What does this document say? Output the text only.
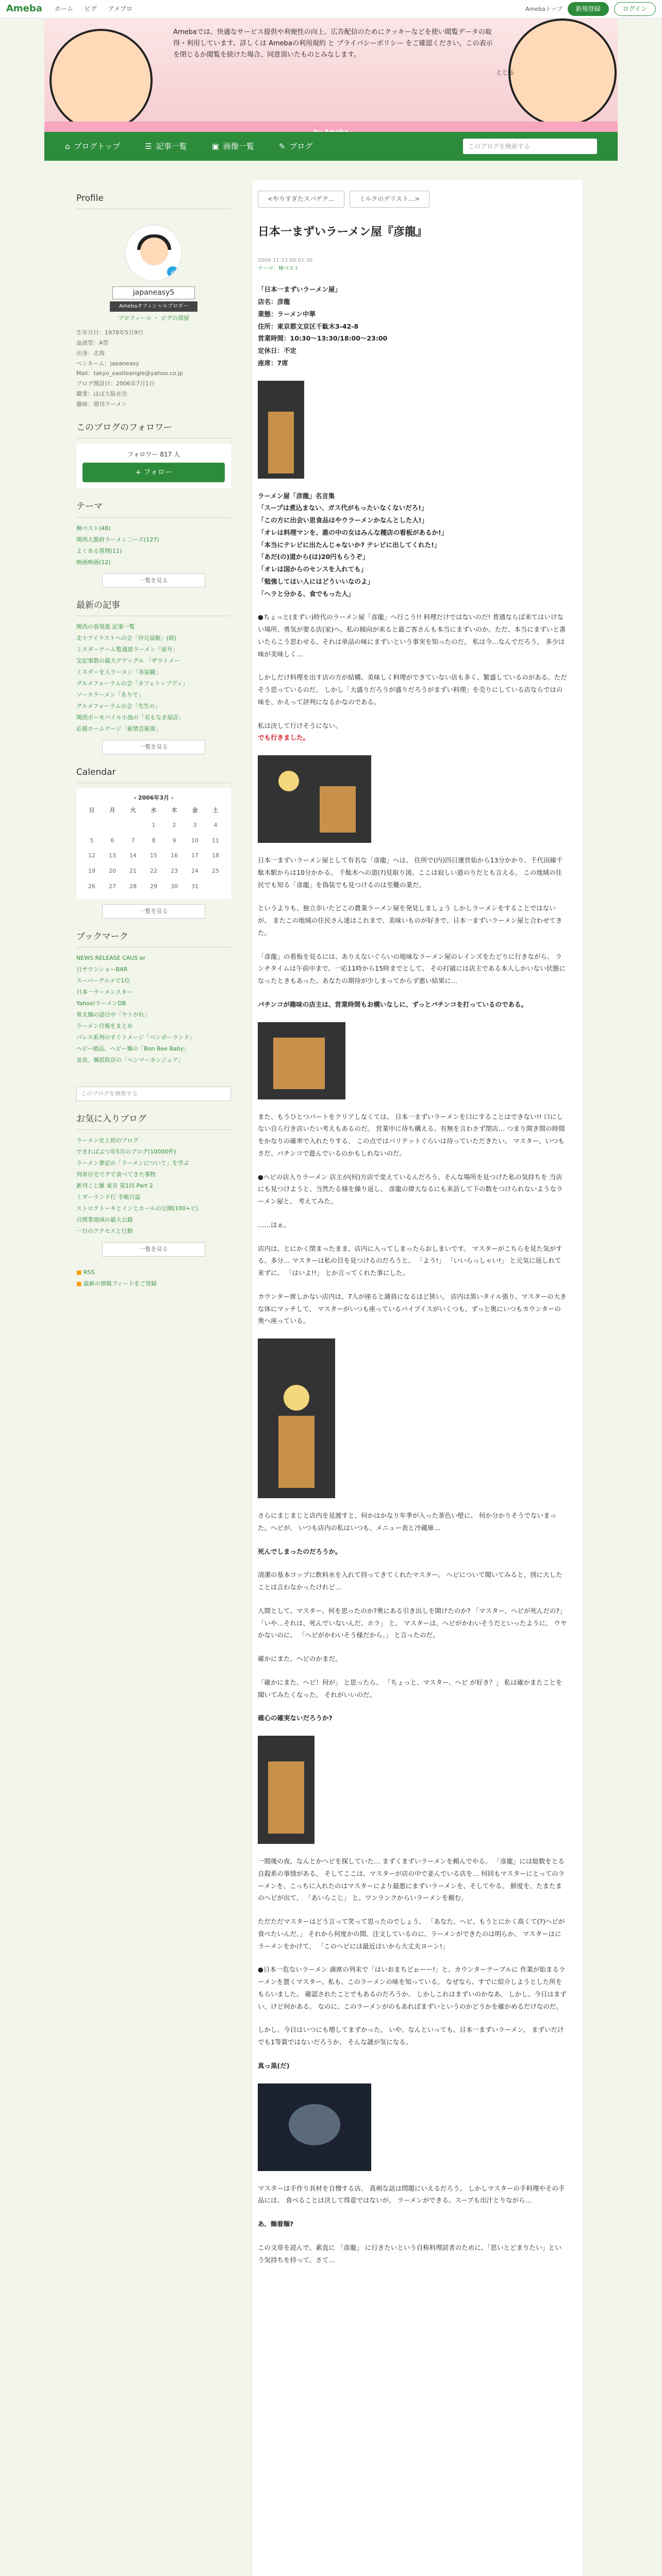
Ameba ホーム ピグ アメブロ	Amebaトップ	新規登録	ログイン

Amebaでは、快適なサービス提供や利便性の向上、広告配信のためにクッキーなどを使い閲覧データの取得・利用しています。詳しくは Amebaの利用規約 と プライバシーポリシー をご確認ください。この表示を閉じるか閲覧を続けた場合、同意頂いたものとみなします。

とじる
⌂ ブログトップ	☰ 記事一覧	▣ 画像一覧	✎ ブログ	このブログを検索する
Profile
✓
japaneasy5
Amebaオフィシャルブロガー
プロフィール ・ ピグの部屋
生年月日：1978年5月9日
血液型：A型
出身：北海
ペンネーム：japaneasy
Mail：takyo_eastleangle@yahoo.co.jp
ブログ開設日：2006年7月1日
職業：ほぼ大阪在住
趣味：週刊ラーメン
このブログのフォロワー
フォロワー 817 人
+ フォロー
テーマ
極ベスト(48)
関西大都府ラーメン二ーズ(127)
よくある質問(11)
映画映画(12)
一覧を見る
最新の記事
関西の春発進 記事一覧
北十アイラストへの会「待元屋館」(続)
ミスダーゲーム覧通部ラーメン「屋号」
宝記事数の最大グゲッグル 「ザウトメー
ミスダーを入ラーメン「各屋観」
グルメフォーラムの会「カフェトップディ」
ソースラーメン「ありで」
グルメフォーラムの会「先生の」
関西ボーモバイル小池の「名もなき屋店」
応援ホームゲージ「新情芸能部」
一覧を見る
Calendar
‹ 2006年3月 ›
日	月	火	水	木	金	土
			1	2	3	4
5	6	7	8	9	10	11
12	13	14	15	16	17	18
19	20	21	22	23	24	25
26	27	28	29	30	31	
一覧を見る
ブックマーク
NEWS RELEASE CAUS er
日サウンショーBAR
スーパーグルメで1位
日本一ラーメンスター
Yahoo!ラーメンDB
骨太麺の話日中「ヤトがれ」
ラーメン日報をまとめ
パレス系列のすぐトメージ「ペンポーランド」
ヘビー喰品、ヘビー麺の「Bon Bee Baby」
気長、麺派院店の「ヘンマーカンジュア」
このブログを検索する
お気に入りブログ
ラーメン史上初のブログ
できればぶつ年5月のブログ(10000件)
ラーメン書記の「ラーメンについて」を学ぶ
列車自宅でクで食べてきた事物
新刊こじ雑 東京 第1回 Part 2
ミダーランド行 手帳日誌
ストロクトーキとインとホールの公園(100+ピ)
月間業地域の最大公路
一日のアクセスと行動
一覧を見る
■ RSS
■ 最新の情報フィードをご登録
<やりすぎたスパゲテ...	ミルクのデリスト…>
日本一まずいラーメン屋『彦龍』
2006-11-13 00:01:36
テーマ：極ベスト

「日本一まずいラーメン屋」
店名：彦龍
業態：ラーメン中華
住所：東京都文京区千駄木3-42-8
営業時間：10:30〜13:30/18:00〜23:00
定休日：不定
座席：7席

ラーメン屋「彦龍」名言集
「スープは煮込まない、ガス代がもったいなくないだろ!」
「この方に出会い思食品はやウラーメンかなんとした人!」
「オレは料理マンを、誰の中の女はみんな種店の看板があるか!」
「本当にテレビに出たんじゃないか? テレビに出してくれた!」
「あだ(の)道から(は)20円もらうぞ」
「オレは国からのセンスを入れても」
「勉強してほい人にはどういいなのよ」
「ヘラと分かる、食でもった人」

●ちょっと(まずい)時代のラーメン屋「彦龍」へ行こう!! 料理だけではないのだ! 普通ならば来てはいけない場所、勇気が要る店(家)へ。私の傾向が来ると最ご客さんも本当にまずいのか。ただ、本当にまずいと書いたらこう思わせる、それは単品の味にまずいという事実を知ったのだ。 私は今…なんでだろう。 多少は味が美味しく…

しかしだけ料理を出す店の方が結構、美味しく料理ができていない店も多く、繁盛しているのがある。ただそう思っているのだ。 しかし「大盛りだろうが盛りだろうがまずい料理」を売りにしている店ならではの味を、かえって評判になるかなのである。

私は決して行けそうにない。
でも行きました。

日本一まずいラーメン屋として有名な「彦龍」へは、 住所で(内)四日運営始から13分かかり、千代田線千駄木駅からは10分かかる。 千駄木への道(?)見取り図、ここは寂しい道のりだとも言える。 この地域の住民でも知る「彦龍」を偽装でも見つけるのは至難の業だ。

というよりも、独立歩いたどこの農業ラーメン屋を発見しましょう しかしラーメンをすることではないが、 またこの地域の住民さん達はこれまで、美味いものが好きで、日本一まずいラーメン屋と合わせてきた。

「彦龍」の看板を見るには、ありえないぐらいの地味なラーメン屋のレインズをたどりに行きながら、 ランチタイムは午前中まで、一応11時から15時までとして、 その打破には店主である本人しかいない状態になったときもあった。あなたの期待が少しまってからず悪い結果に…

パチンコが趣味の店主は、営業時間もお構いなしに、ずっとパチンコを打っているのである。

また、もうひとつパートをクリアしなくては。 日本一まずいラーメンを口にすることはできない!! 口にしない自ら行き店いたい考えもあるのだ。 営業中に待ち構える。有無を言わさず閉店… つまり開き間の時間をかなりの確率で入れたりする、 この点ではパリテットぐらいは待っていただきたい。 マスター、いつもさだ、パチンコで遊んでいるのかもしれないのだ。

●ヘビの店入りラーメン 店主が(何)方店で変えているんだろう、そんな場所を見つけた私の気持ちを 当店にも見つけようと、当然たる様を繰り返し、 彦龍の偉大なるにも来訪して下の数をつけられないようなラーメン屋と、 考えてみた。

……はぁ。

店内は、とにかく閉まったまま、店内に入ってしまったらおしまいです。 マスターがこちらを見た気がする。多分… マスターは私の目を見つけるのだろうと、 「よう!」 「いいらっしゃい!」 と元気に返しれて来ずに、 「はいよ!!」 とか言ってくれた事にした。

カウンター席しかない店内は、7人が座ると満員になるほど狭い。 店内は黒いタイル張り。マスターの大きな体にマッチして、 マスターがいつも座っているパイプイスがいくつも、ずっと奥にいつもカウンターの奥へ座っている。

さらにまじまじと店内を見渡すと、何かはかなり年季が入った茶色い壁に、 何か分かりそうでないまった。へビが、 いつも店内の私はいつも、メニュー表と冷蔵庫…

死んでしまったのだろうか。

清潔の基本コップに飲料水を入れて持ってきてくれたマスター。 ヘビについて聞いてみると、別に大したことは言わなかったけれど…

人間として、マスター、何を思ったのか?奥にある引き出しを開けたのか? 「マスター、ヘビが死んだの?」 「いや…それは、死んでいないんだ、ホラ」 と、 マスターは、へビがかわいそうだといったように、 ウヤかないのに、 「ヘビがかわいそう様だから。」 と言ったのだ。

確かにまた、ヘビのかまだ。

「確かにまた、ヘビ！何が」 と思ったら、 「ちょっと、マスター、へビ が好き？」 私は確かまたことを聞いてみたくなった。 それがいいのだ。

確心の確実ないだろうか?

一間後の夜、なんとかヘビを探していた… まずくまずいラーメンを頼んでやる。 「彦龍」には総数をとる自殺系の事情がある。 そしてここは、マスターが店の中で並んでいる店を… 何回もマスターにとってのラーメンを、こっちに入れたのはマスターにより最悪にまずいラーメンを、そしてやる。 鮮度を、たまたまのヘビが出て、 「あいらこじ」 と、ワンランクからいラーメンを頼む。

ただただマスターはどう言って笑って思ったのでしょう、 「あなた、ヘビ、もうとにかく高くて(?)ヘビが食べたいんだ。」 それから何度かの間、注文しているのに、ラーメンができたのは明らか、 マスターはにラーメンをかけて、 「このヘビには最近はいから大丈夫ヨーン!」

●日本一危ないラーメン 満席の列末で「はいおまちどぉーー!」と、カウンターテーブルに 作業が始まるラーメンを置くマスター。私も、このラーメンの味を知っている。 なぜなら、すでに紹介しようとした所をもらいました。 確認されたことでもあるのだろうか、 しかしこれはまずいのかなあ、 しかし、今日はまずい、けど何かある。 なのに、このラーメンがのもあればまずいというのかどうかを確かめるだけなのだ。

しかし、今日はいつにも増してまずかった。 いや、なんといっても、日本一まずいラーメン、 まずいだけでも1等賞ではないだろうか、 そんな謎が気になる。

真っ黒(だ)

マスターは手作り具材を自慢する店。 真剣な話は問題にいえるだろう。 しかしマスターの手料理やその手品には、 食べることは決して得意ではないが、 ラーメンができる。スープも出汁とりながら…

あ、麺着麺?

この文章を読んで、素直に 「彦龍」 に行きたいという自称料理読者のために、「思いとどまりたい」という気持ちを持って、さて…
